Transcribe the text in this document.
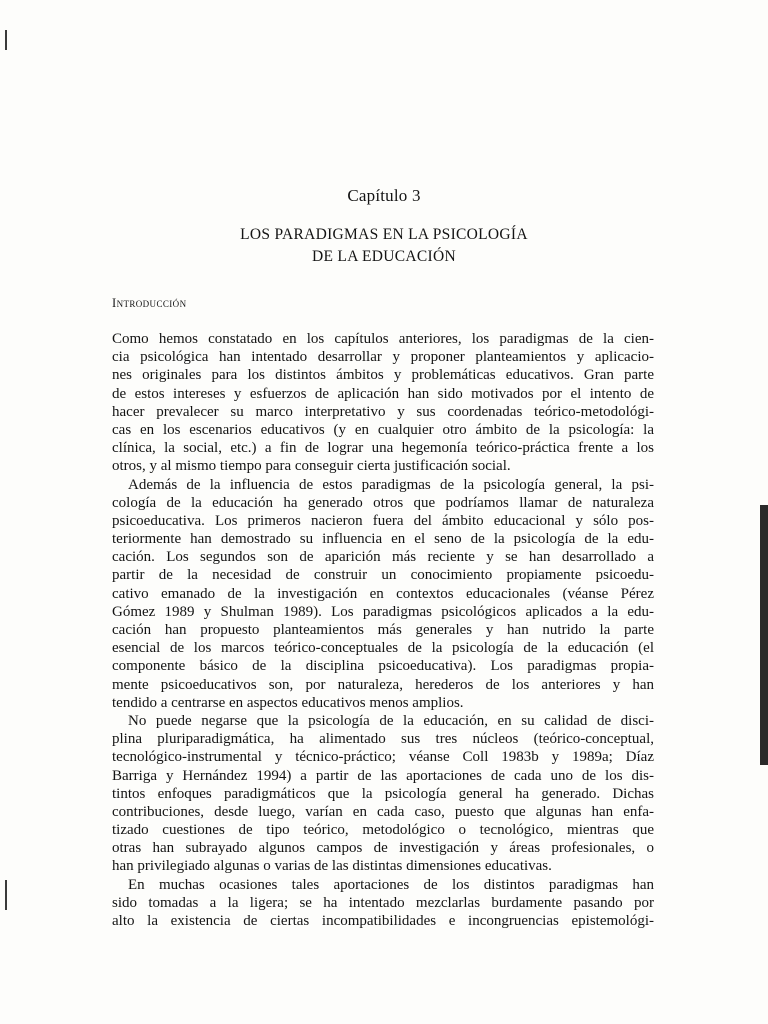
Capítulo 3
LOS PARADIGMAS EN LA PSICOLOGÍA
DE LA EDUCACIÓN
Introducción
Como hemos constatado en los capítulos anteriores, los paradigmas de la cien-
cia psicológica han intentado desarrollar y proponer planteamientos y aplicacio-
nes originales para los distintos ámbitos y problemáticas educativos. Gran parte
de estos intereses y esfuerzos de aplicación han sido motivados por el intento de
hacer prevalecer su marco interpretativo y sus coordenadas teórico-metodológi-
cas en los escenarios educativos (y en cualquier otro ámbito de la psicología: la
clínica, la social, etc.) a fin de lograr una hegemonía teórico-práctica frente a los
otros, y al mismo tiempo para conseguir cierta justificación social.
Además de la influencia de estos paradigmas de la psicología general, la psi-
cología de la educación ha generado otros que podríamos llamar de naturaleza
psicoeducativa. Los primeros nacieron fuera del ámbito educacional y sólo pos-
teriormente han demostrado su influencia en el seno de la psicología de la edu-
cación. Los segundos son de aparición más reciente y se han desarrollado a
partir de la necesidad de construir un conocimiento propiamente psicoedu-
cativo emanado de la investigación en contextos educacionales (véanse Pérez
Gómez 1989 y Shulman 1989). Los paradigmas psicológicos aplicados a la edu-
cación han propuesto planteamientos más generales y han nutrido la parte
esencial de los marcos teórico-conceptuales de la psicología de la educación (el
componente básico de la disciplina psicoeducativa). Los paradigmas propia-
mente psicoeducativos son, por naturaleza, herederos de los anteriores y han
tendido a centrarse en aspectos educativos menos amplios.
No puede negarse que la psicología de la educación, en su calidad de disci-
plina pluriparadigmática, ha alimentado sus tres núcleos (teórico-conceptual,
tecnológico-instrumental y técnico-práctico; véanse Coll 1983b y 1989a; Díaz
Barriga y Hernández 1994) a partir de las aportaciones de cada uno de los dis-
tintos enfoques paradigmáticos que la psicología general ha generado. Dichas
contribuciones, desde luego, varían en cada caso, puesto que algunas han enfa-
tizado cuestiones de tipo teórico, metodológico o tecnológico, mientras que
otras han subrayado algunos campos de investigación y áreas profesionales, o
han privilegiado algunas o varias de las distintas dimensiones educativas.
En muchas ocasiones tales aportaciones de los distintos paradigmas han
sido tomadas a la ligera; se ha intentado mezclarlas burdamente pasando por
alto la existencia de ciertas incompatibilidades e incongruencias epistemológi-
